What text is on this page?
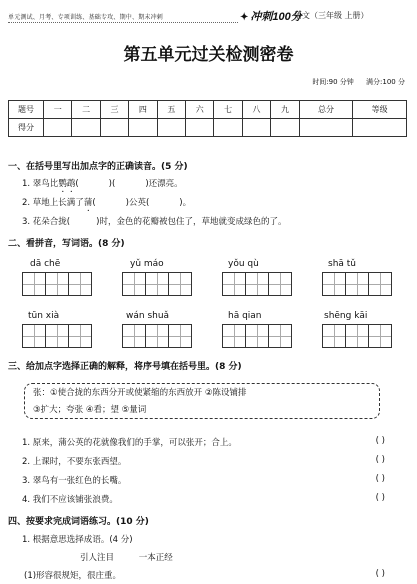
单元测试、月考、专项训练、基础专攻、期中、期末冲刺	✦ 冲刺100分
语文（三年级 上册）
第五单元过关检测密卷
时间:90 分钟 满分:100 分
题号	一	二	三	四	五	六	七	八	九	总分	等级
得分											
一、在括号里写出加点字的正确读音。(5 分)
1. 翠鸟比鹦鹉(	)(	)还漂亮。
2. 草地上长满了蒲(	)公英(	)。
3. 花朵合拢(	)时，金色的花瓣被包住了，草地就变成绿色的了。
二、看拼音，写词语。(8 分)
dā chē	yǔ máo	yǒu qù	shā tǔ
tūn xià	wán shuǎ	hā qian	shēng kāi
三、给加点字选择正确的解释，将序号填在括号里。(8 分)
张：①使合拢的东西分开或使紧缩的东西放开 ②陈设铺排
③扩大；夸张 ④看；望 ⑤量词
1. 原来，蒲公英的花就像我们的手掌，可以张开；合上。	( )
2. 上课时，不要东张西望。	( )
3. 翠鸟有一张红色的长嘴。	( )
4. 我们不应该铺张浪费。	( )
四、按要求完成词语练习。(10 分)
1. 根据意思选择成语。(4 分)
引人注目	一本正经
(1)形容很规矩，很庄重。	( )
